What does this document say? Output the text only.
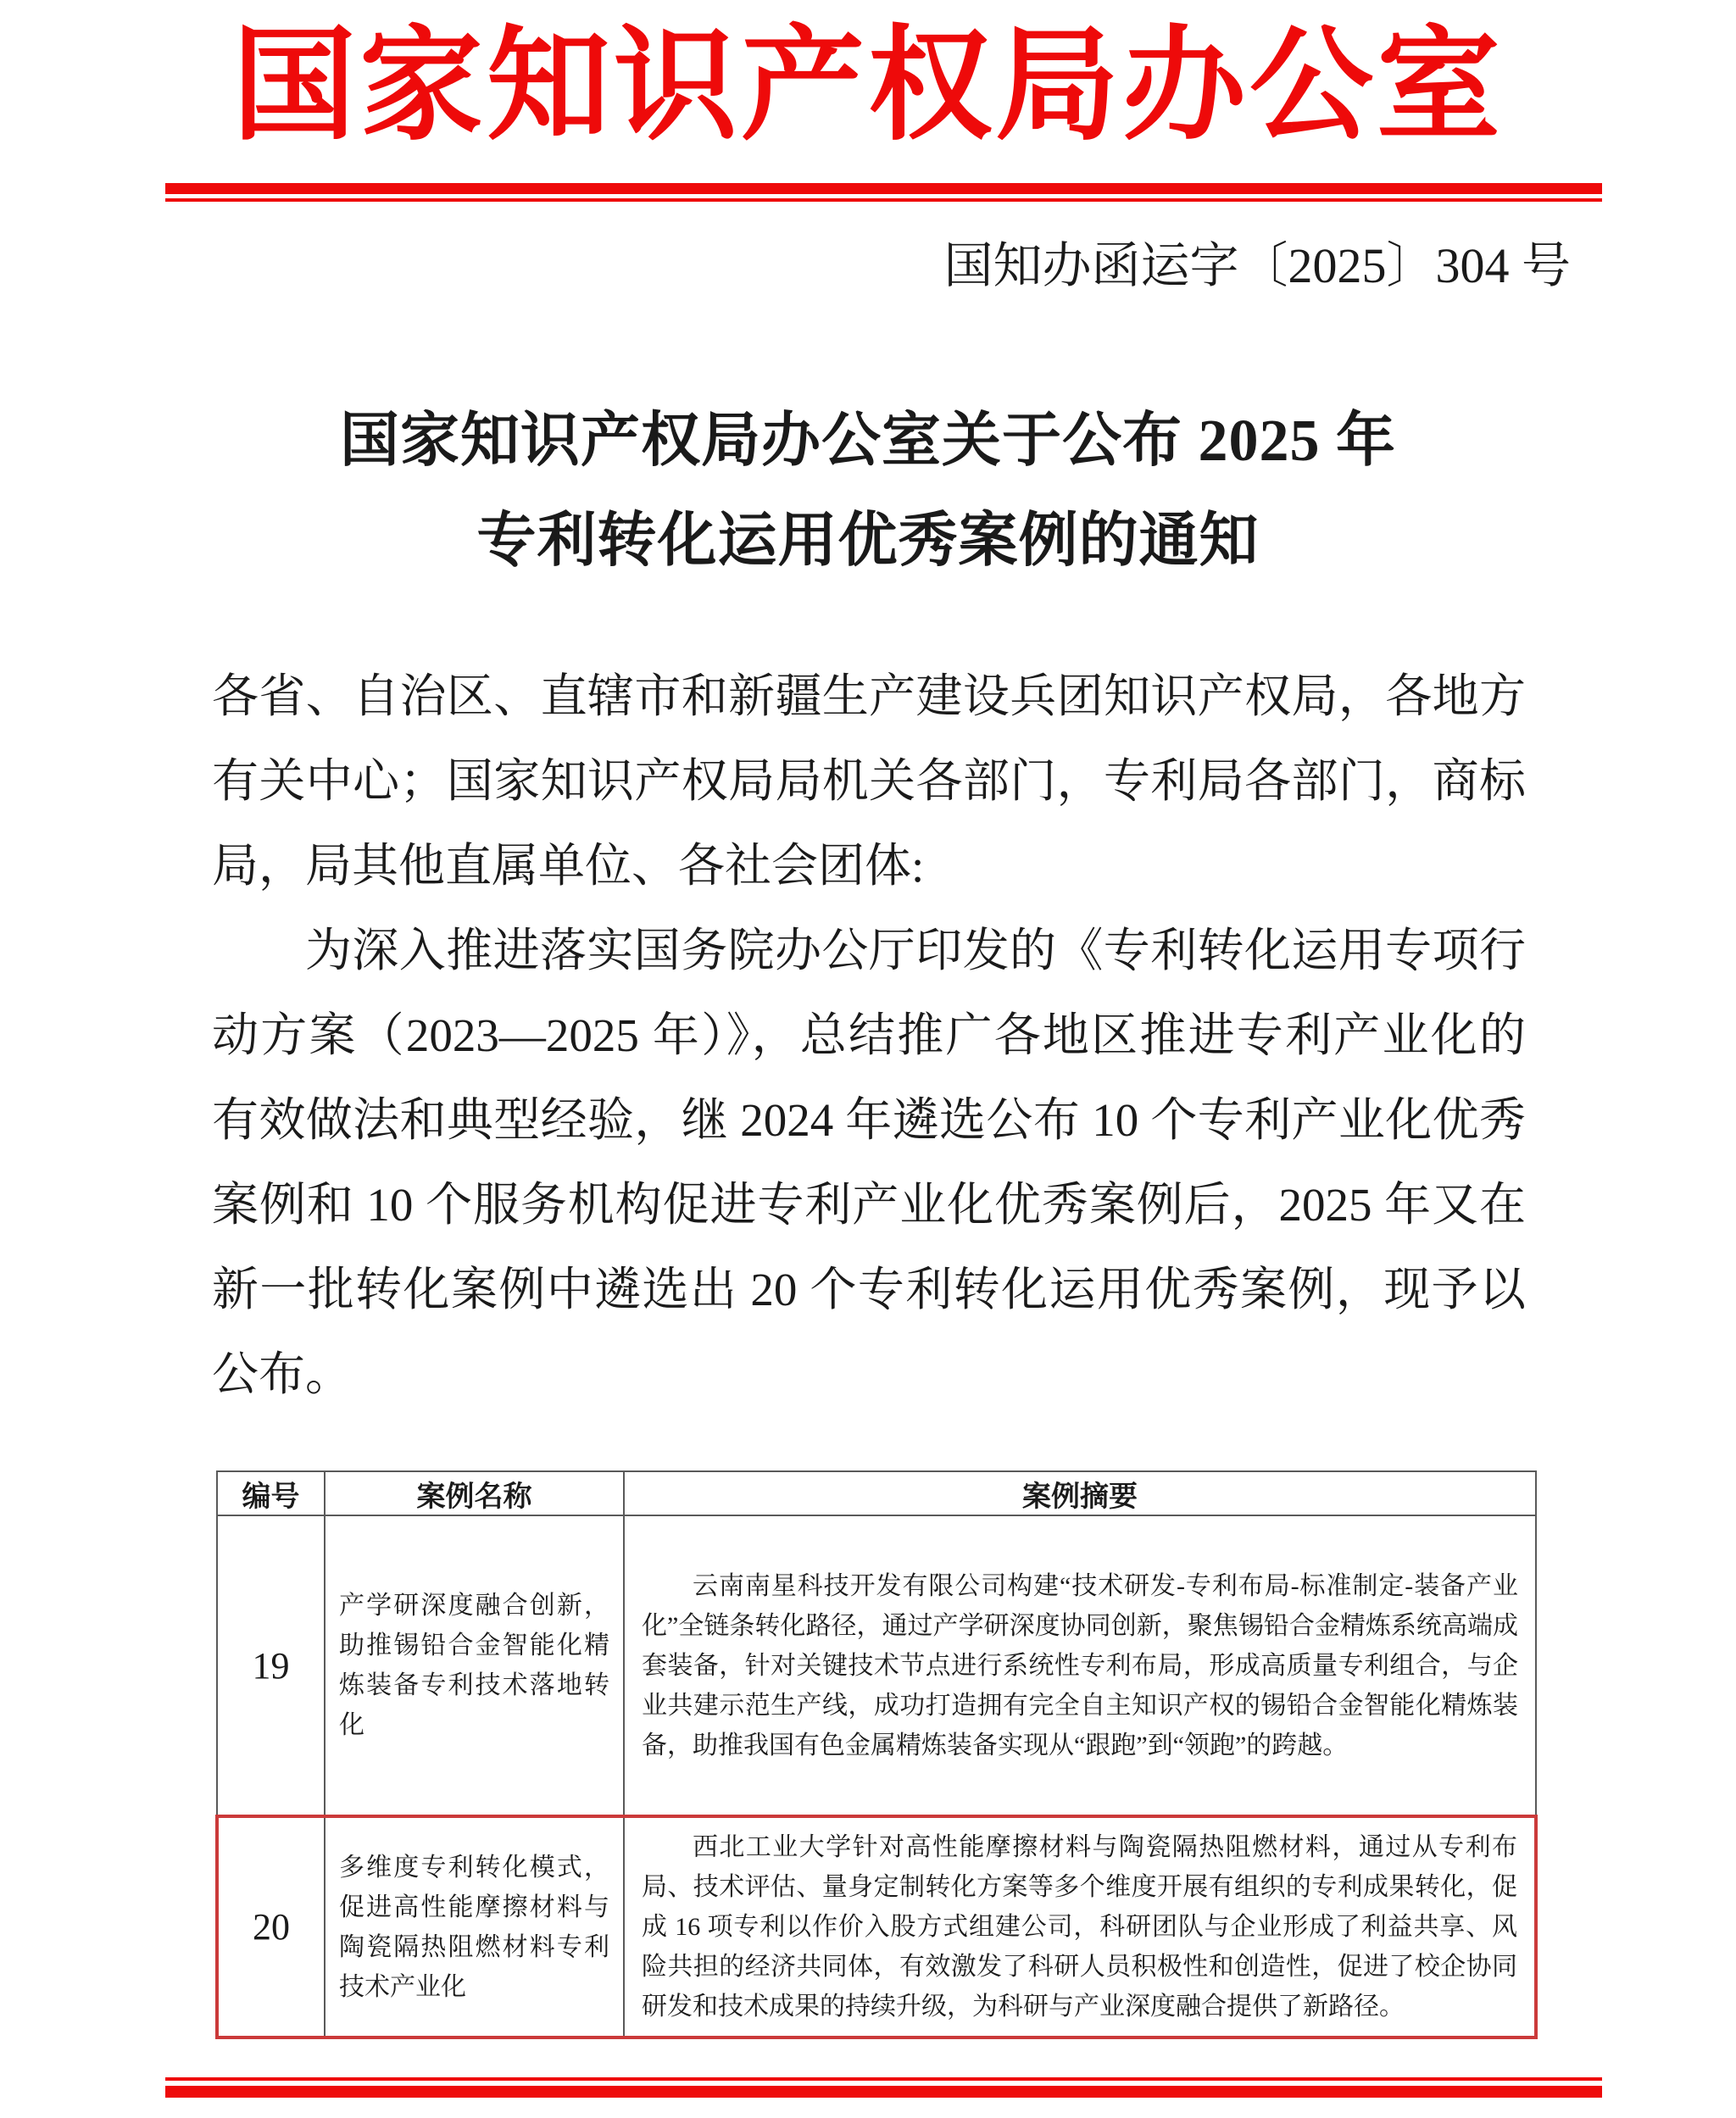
国家知识产权局办公室
国知办函运字〔2025〕304 号
国家知识产权局办公室关于公布 2025 年
专利转化运用优秀案例的通知

各省、自治区、直辖市和新疆生产建设兵团知识产权局，各地方有关中心；国家知识产权局局机关各部门，专利局各部门，商标局，局其他直属单位、各社会团体:

为深入推进落实国务院办公厅印发的《专利转化运用专项行动方案（2023—2025 年）》，总结推广各地区推进专利产业化的有效做法和典型经验，继 2024 年遴选公布 10 个专利产业化优秀案例和 10 个服务机构促进专利产业化优秀案例后，2025 年又在新一批转化案例中遴选出 20 个专利转化运用优秀案例，现予以公布。

编号	案例名称	案例摘要
19	产学研深度融合创新，助推锡铅合金智能化精炼装备专利技术落地转化	云南南星科技开发有限公司构建“技术研发-专利布局-标准制定-装备产业化”全链条转化路径，通过产学研深度协同创新，聚焦锡铅合金精炼系统高端成套装备，针对关键技术节点进行系统性专利布局，形成高质量专利组合，与企业共建示范生产线，成功打造拥有完全自主知识产权的锡铅合金智能化精炼装备，助推我国有色金属精炼装备实现从“跟跑”到“领跑”的跨越。

20	多维度专利转化模式，促进高性能摩擦材料与陶瓷隔热阻燃材料专利技术产业化	西北工业大学针对高性能摩擦材料与陶瓷隔热阻燃材料，通过从专利布局、技术评估、量身定制转化方案等多个维度开展有组织的专利成果转化，促成 16 项专利以作价入股方式组建公司，科研团队与企业形成了利益共享、风险共担的经济共同体，有效激发了科研人员积极性和创造性，促进了校企协同研发和技术成果的持续升级，为科研与产业深度融合提供了新路径。
